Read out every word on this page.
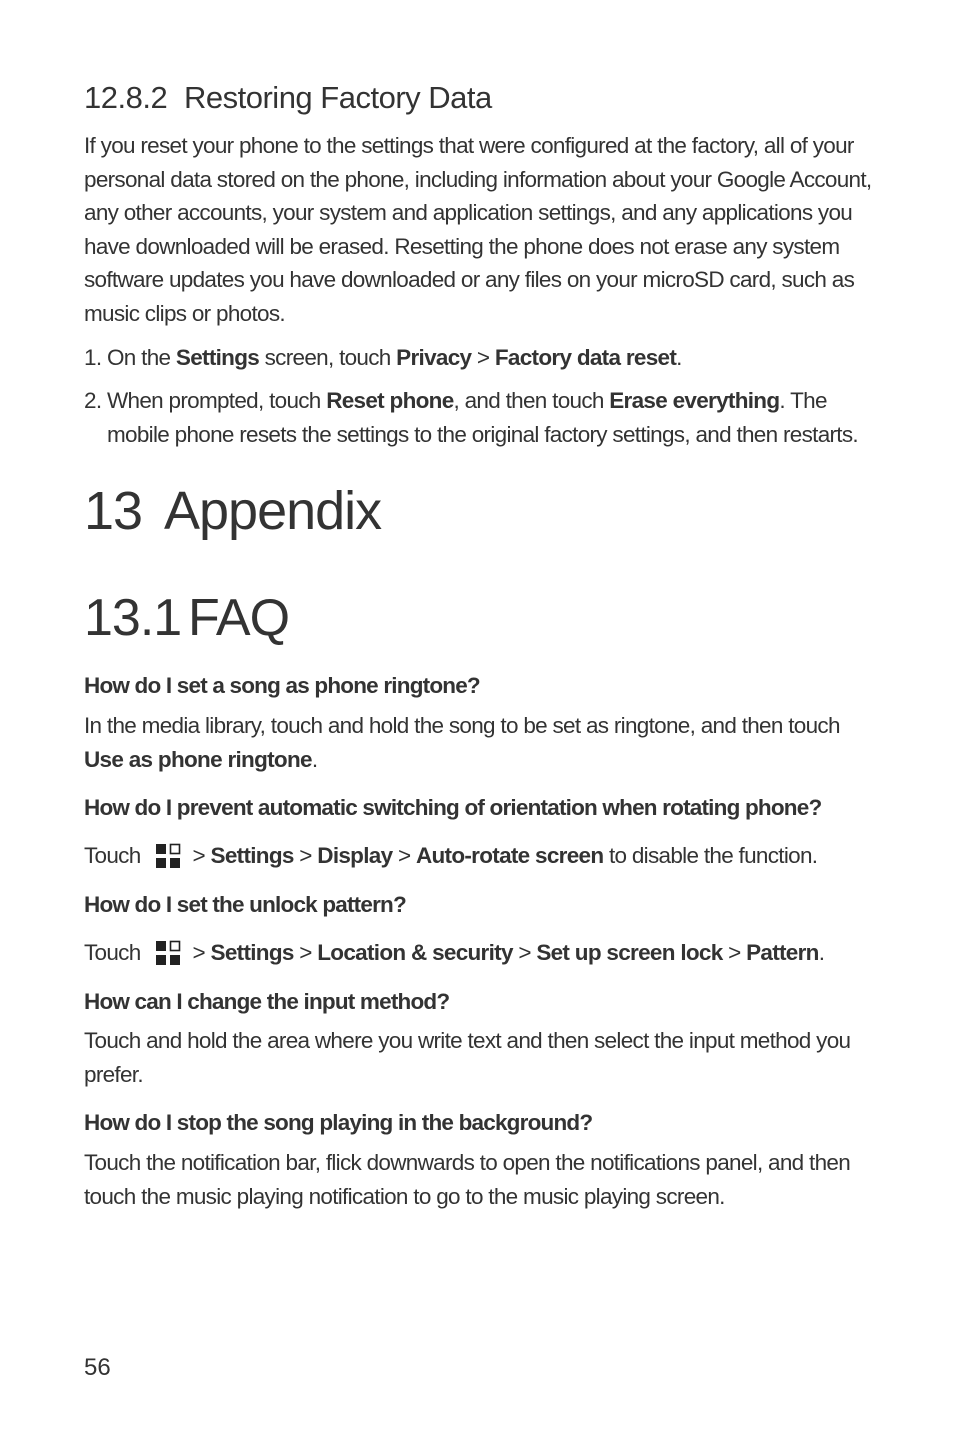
12.8.2 Restoring Factory Data

If you reset your phone to the settings that were configured at the factory, all of your personal data stored on the phone, including information about your Google Account, any other accounts, your system and application settings, and any applications you have downloaded will be erased. Resetting the phone does not erase any system software updates you have downloaded or any files on your microSD card, such as music clips or photos.

1. On the Settings screen, touch Privacy > Factory data reset.
2. When prompted, touch Reset phone, and then touch Erase everything. The mobile phone resets the settings to the original factory settings, and then restarts.
13 Appendix
13.1 FAQ

How do I set a song as phone ringtone?

In the media library, touch and hold the song to be set as ringtone, and then touch Use as phone ringtone.

How do I prevent automatic switching of orientation when rotating phone?

Touch > Settings > Display > Auto-rotate screen to disable the function.

How do I set the unlock pattern?

Touch > Settings > Location & security > Set up screen lock > Pattern.

How can I change the input method?

Touch and hold the area where you write text and then select the input method you prefer.

How do I stop the song playing in the background?

Touch the notification bar, flick downwards to open the notifications panel, and then touch the music playing notification to go to the music playing screen.

56
